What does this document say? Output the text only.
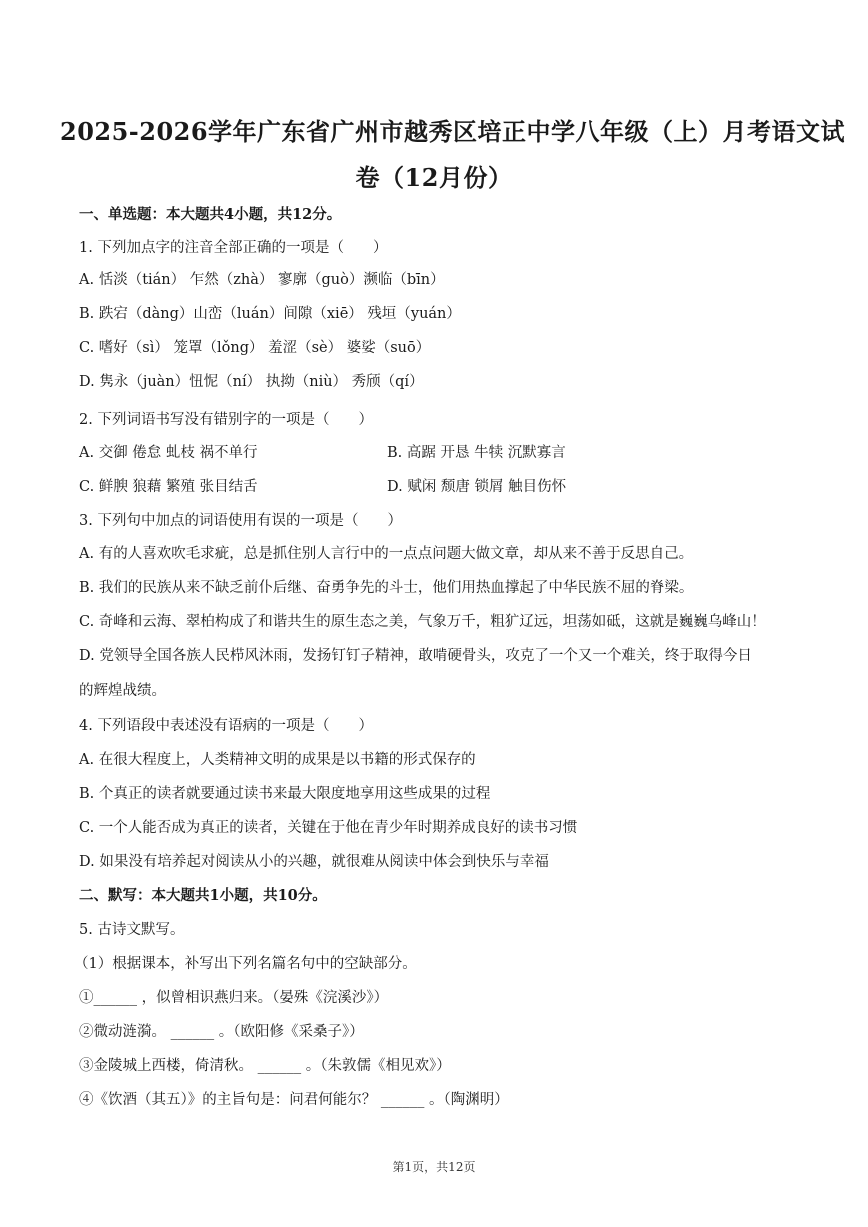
2025-2026学年广东省广州市越秀区培正中学八年级（上）月考语文试
卷（12月份）
一、单选题：本大题共4小题，共12分。
1. 下列加点字的注音全部正确的一项是（　　）
A. 恬淡（tián） 乍然（zhà） 寥廓（guò）濒临（bīn）
B. 跌宕（dàng）山峦（luán）间隙（xiē） 残垣（yuán）
C. 嗜好（sì） 笼罩（lǒng） 羞涩（sè） 婆娑（suō）
D. 隽永（juàn）忸怩（ní） 执拗（niù） 秀颀（qí）
2. 下列词语书写没有错别字的一项是（　　）
A. 交御 倦怠 虬枝 祸不单行	B. 高踞 开恳 牛犊 沉默寡言
C. 鲜腴 狼藉 繁殖 张目结舌	D. 赋闲 颓唐 锁屑 触目伤怀
3. 下列句中加点的词语使用有误的一项是（　　）
A. 有的人喜欢吹毛求疵，总是抓住别人言行中的一点点问题大做文章，却从来不善于反思自己。
B. 我们的民族从来不缺乏前仆后继、奋勇争先的斗士，他们用热血撑起了中华民族不屈的脊梁。
C. 奇峰和云海、翠柏构成了和谐共生的原生态之美，气象万千，粗犷辽远，坦荡如砥，这就是巍巍乌峰山！
D. 党领导全国各族人民栉风沐雨，发扬钉钉子精神，敢啃硬骨头，攻克了一个又一个难关，终于取得今日
的辉煌战绩。
4. 下列语段中表述没有语病的一项是（　　）
A. 在很大程度上，人类精神文明的成果是以书籍的形式保存的
B. 个真正的读者就要通过读书来最大限度地享用这些成果的过程
C. 一个人能否成为真正的读者，关键在于他在青少年时期养成良好的读书习惯
D. 如果没有培养起对阅读从小的兴趣，就很难从阅读中体会到快乐与幸福
二、默写：本大题共1小题，共10分。
5. 古诗文默写。
（1）根据课本，补写出下列名篇名句中的空缺部分。
①______ ，似曾相识燕归来。（晏殊《浣溪沙》）
②微动涟漪。 ______ 。（欧阳修《采桑子》）
③金陵城上西楼，倚清秋。 ______ 。（朱敦儒《相见欢》）
④《饮酒（其五）》的主旨句是：问君何能尔？ ______ 。（陶渊明）
第1页，共12页
